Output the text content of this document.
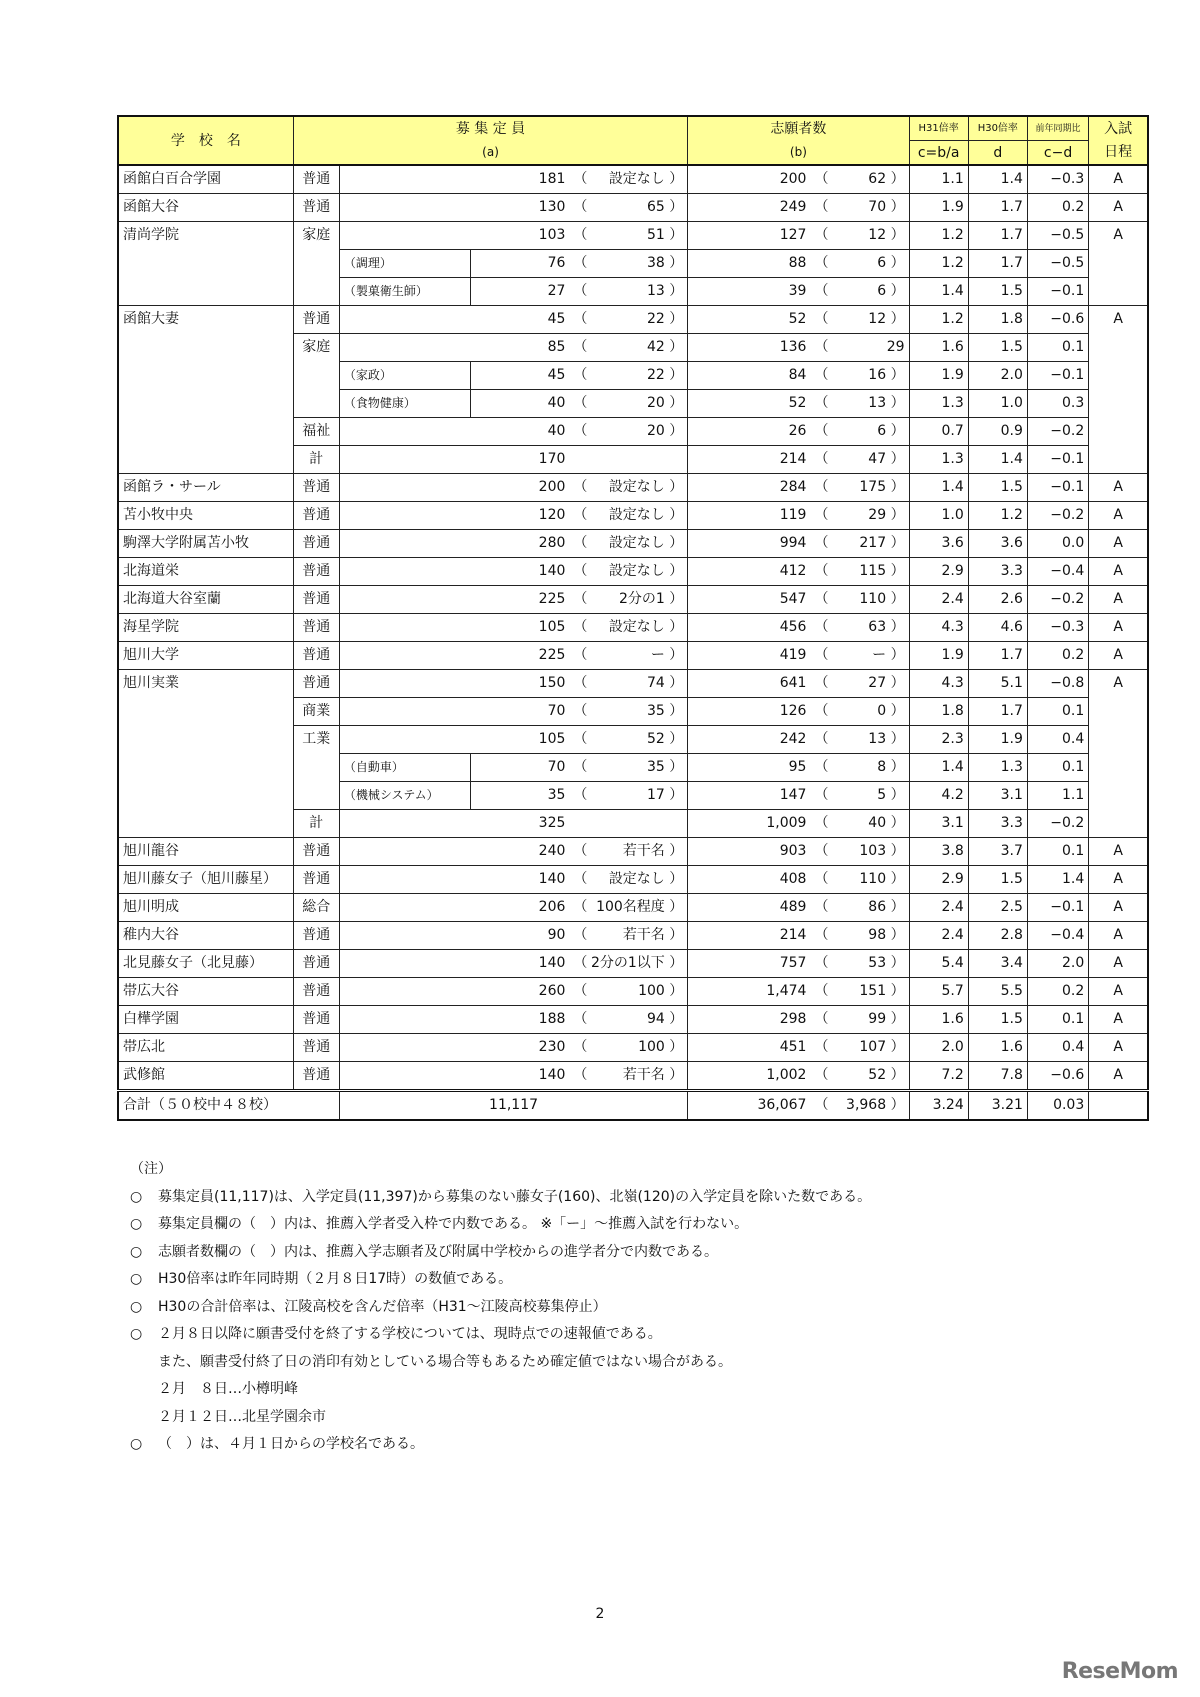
学　校　名	募 集 定 員				志願者数		H31倍率	H30倍率	前年同期比	入試
	(a)				(b)		c=b/a	d	c−d	日程
函館白百合学園	普通		181	（ 設定なし ）	200	（ 62 ）	1.1	1.4	−0.3	A
函館大谷	普通		130	（ 65 ）	249	（ 70 ）	1.9	1.7	0.2	A
清尚学院	家庭		103	（ 51 ）	127	（ 12 ）	1.2	1.7	−0.5	A
		（調理）	76	（ 38 ）	88	（ 6 ）	1.2	1.7	−0.5	
		（製菓衛生師）	27	（ 13 ）	39	（ 6 ）	1.4	1.5	−0.1	
函館大妻	普通		45	（ 22 ）	52	（ 12 ）	1.2	1.8	−0.6	A
	家庭		85	（ 42 ）	136	（ 29 　	1.6	1.5	0.1	
		（家政）	45	（ 22 ）	84	（ 16 ）	1.9	2.0	−0.1	
		（食物健康）	40	（ 20 ）	52	（ 13 ）	1.3	1.0	0.3	
	福祉		40	（ 20 ）	26	（ 6 ）	0.7	0.9	−0.2	
	計		170		214	（ 47 ）	1.3	1.4	−0.1	
函館ラ・サール	普通		200	（ 設定なし ）	284	（ 175 ）	1.4	1.5	−0.1	A
苫小牧中央	普通		120	（ 設定なし ）	119	（ 29 ）	1.0	1.2	−0.2	A
駒澤大学附属苫小牧	普通		280	（ 設定なし ）	994	（ 217 ）	3.6	3.6	0.0	A
北海道栄	普通		140	（ 設定なし ）	412	（ 115 ）	2.9	3.3	−0.4	A
北海道大谷室蘭	普通		225	（ 2分の1 ）	547	（ 110 ）	2.4	2.6	−0.2	A
海星学院	普通		105	（ 設定なし ）	456	（ 63 ）	4.3	4.6	−0.3	A
旭川大学	普通		225	（ ー ）	419	（ ー ）	1.9	1.7	0.2	A
旭川実業	普通		150	（ 74 ）	641	（ 27 ）	4.3	5.1	−0.8	A
	商業		70	（ 35 ）	126	（ 0 ）	1.8	1.7	0.1	
	工業		105	（ 52 ）	242	（ 13 ）	2.3	1.9	0.4	
		（自動車）	70	（ 35 ）	95	（ 8 ）	1.4	1.3	0.1	
		（機械システム）	35	（ 17 ）	147	（ 5 ）	4.2	3.1	1.1	
	計		325		1,009	（ 40 ）	3.1	3.3	−0.2	
旭川龍谷	普通		240	（ 若干名 ）	903	（ 103 ）	3.8	3.7	0.1	A
旭川藤女子（旭川藤星）	普通		140	（ 設定なし ）	408	（ 110 ）	2.9	1.5	1.4	A
旭川明成	総合		206	（ 100名程度 ）	489	（ 86 ）	2.4	2.5	−0.1	A
稚内大谷	普通		90	（ 若干名 ）	214	（ 98 ）	2.4	2.8	−0.4	A
北見藤女子（北見藤）	普通		140	（ 2分の1以下 ）	757	（ 53 ）	5.4	3.4	2.0	A
帯広大谷	普通		260	（ 100 ）	1,474	（ 151 ）	5.7	5.5	0.2	A
白樺学園	普通		188	（ 94 ）	298	（ 99 ）	1.6	1.5	0.1	A
帯広北	普通		230	（ 100 ）	451	（ 107 ）	2.0	1.6	0.4	A
武修館	普通		140	（ 若干名 ）	1,002	（ 52 ）	7.2	7.8	−0.6	A
合計（５０校中４８校）		11,117			36,067	（ 3,968 ）	3.24	3.21	0.03	
（注）
○	募集定員(11,117)は、入学定員(11,397)から募集のない藤女子(160)、北嶺(120)の入学定員を除いた数である。
○	募集定員欄の（　）内は、推薦入学者受入枠で内数である。 ※「ー」～推薦入試を行わない。
○	志願者数欄の（　）内は、推薦入学志願者及び附属中学校からの進学者分で内数である。
○	H30倍率は昨年同時期（２月８日17時）の数値である。
○	H30の合計倍率は、江陵高校を含んだ倍率（H31～江陵高校募集停止）
○	２月８日以降に願書受付を終了する学校については、現時点での速報値である。
また、願書受付終了日の消印有効としている場合等もあるため確定値ではない場合がある。
２月　８日…小樽明峰
２月１２日…北星学園余市
○	（　）は、４月１日からの学校名である。
2
ReseMom
